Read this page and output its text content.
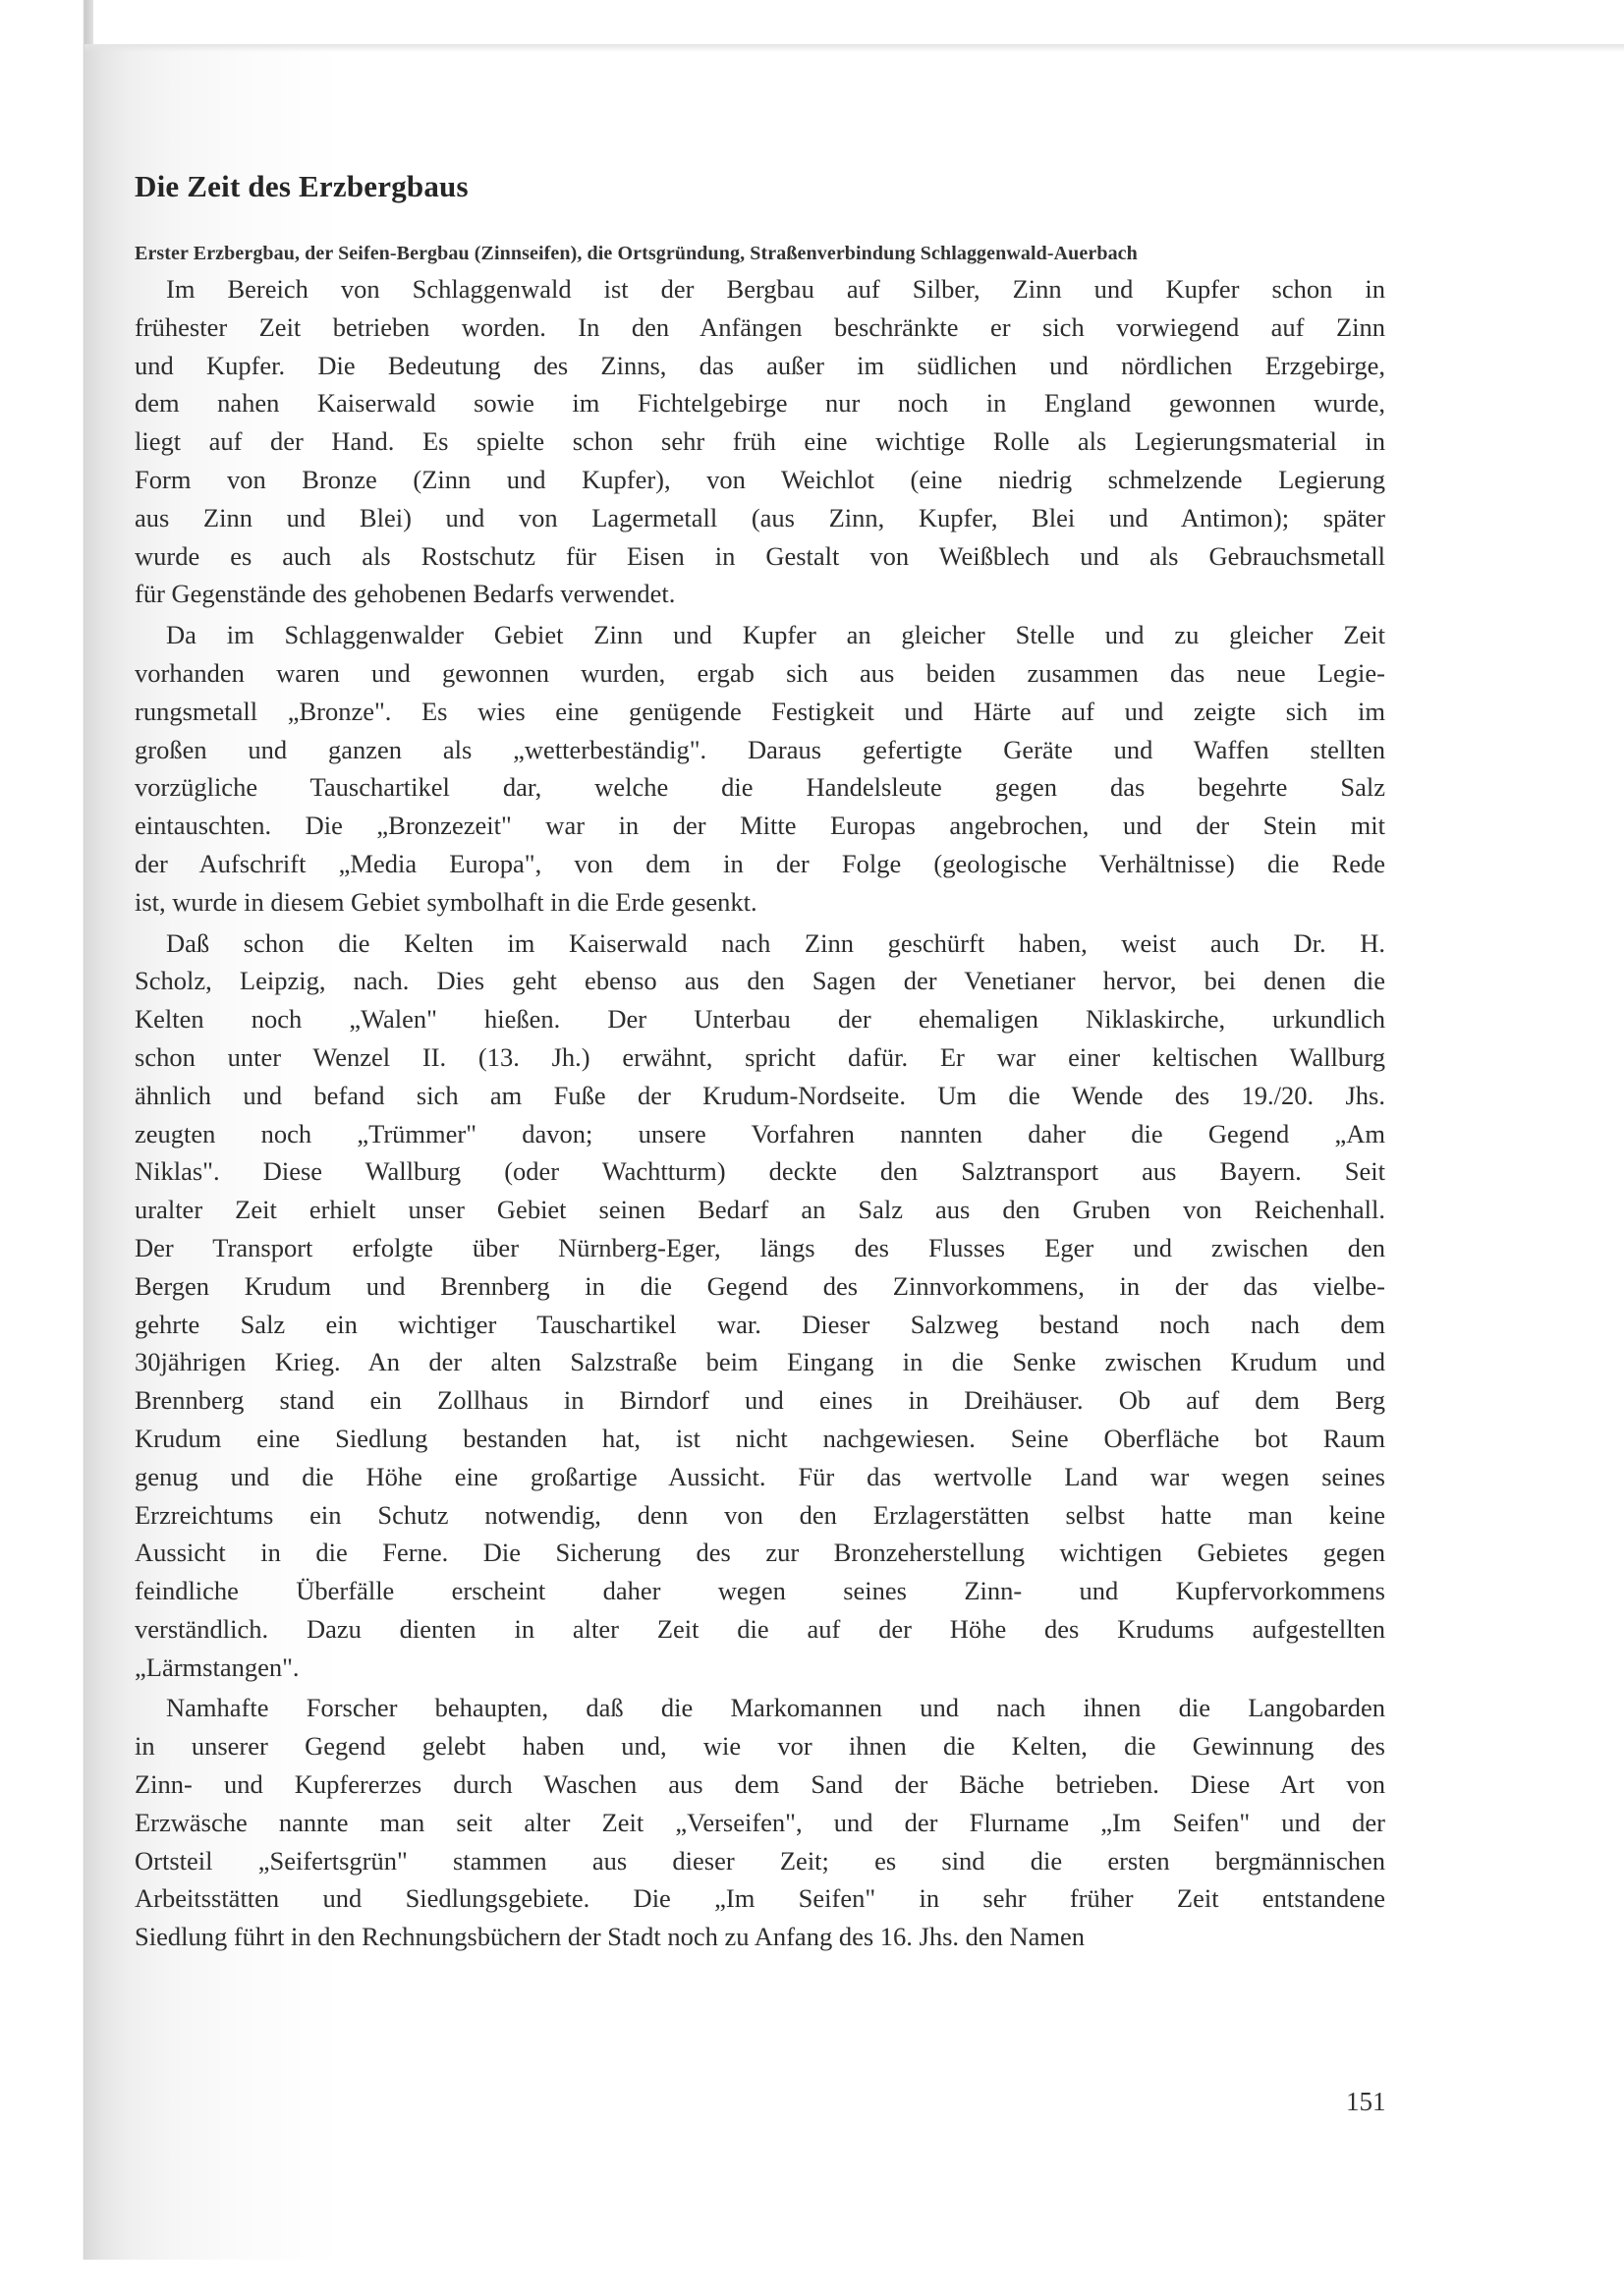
Die Zeit des Erzbergbaus
Erster Erzbergbau, der Seifen-Bergbau (Zinnseifen), die Ortsgründung, Straßenverbindung Schlaggenwald-Auerbach
Im Bereich von Schlaggenwald ist der Bergbau auf Silber, Zinn und Kupfer schon in
frühester Zeit betrieben worden. In den Anfängen beschränkte er sich vorwiegend auf Zinn
und Kupfer. Die Bedeutung des Zinns, das außer im südlichen und nördlichen Erzgebirge,
dem nahen Kaiserwald sowie im Fichtelgebirge nur noch in England gewonnen wurde,
liegt auf der Hand. Es spielte schon sehr früh eine wichtige Rolle als Legierungsmaterial in
Form von Bronze (Zinn und Kupfer), von Weichlot (eine niedrig schmelzende Legierung
aus Zinn und Blei) und von Lagermetall (aus Zinn, Kupfer, Blei und Antimon); später
wurde es auch als Rostschutz für Eisen in Gestalt von Weißblech und als Gebrauchsmetall
für Gegenstände des gehobenen Bedarfs verwendet.
Da im Schlaggenwalder Gebiet Zinn und Kupfer an gleicher Stelle und zu gleicher Zeit
vorhanden waren und gewonnen wurden, ergab sich aus beiden zusammen das neue Legie-
rungsmetall „Bronze". Es wies eine genügende Festigkeit und Härte auf und zeigte sich im
großen und ganzen als „wetterbeständig". Daraus gefertigte Geräte und Waffen stellten
vorzügliche Tauschartikel dar, welche die Handelsleute gegen das begehrte Salz
eintauschten. Die „Bronzezeit" war in der Mitte Europas angebrochen, und der Stein mit
der Aufschrift „Media Europa", von dem in der Folge (geologische Verhältnisse) die Rede
ist, wurde in diesem Gebiet symbolhaft in die Erde gesenkt.
Daß schon die Kelten im Kaiserwald nach Zinn geschürft haben, weist auch Dr. H.
Scholz, Leipzig, nach. Dies geht ebenso aus den Sagen der Venetianer hervor, bei denen die
Kelten noch „Walen" hießen. Der Unterbau der ehemaligen Niklaskirche, urkundlich
schon unter Wenzel II. (13. Jh.) erwähnt, spricht dafür. Er war einer keltischen Wallburg
ähnlich und befand sich am Fuße der Krudum-Nordseite. Um die Wende des 19./20. Jhs.
zeugten noch „Trümmer" davon; unsere Vorfahren nannten daher die Gegend „Am
Niklas". Diese Wallburg (oder Wachtturm) deckte den Salztransport aus Bayern. Seit
uralter Zeit erhielt unser Gebiet seinen Bedarf an Salz aus den Gruben von Reichenhall.
Der Transport erfolgte über Nürnberg-Eger, längs des Flusses Eger und zwischen den
Bergen Krudum und Brennberg in die Gegend des Zinnvorkommens, in der das vielbe-
gehrte Salz ein wichtiger Tauschartikel war. Dieser Salzweg bestand noch nach dem
30jährigen Krieg. An der alten Salzstraße beim Eingang in die Senke zwischen Krudum und
Brennberg stand ein Zollhaus in Birndorf und eines in Dreihäuser. Ob auf dem Berg
Krudum eine Siedlung bestanden hat, ist nicht nachgewiesen. Seine Oberfläche bot Raum
genug und die Höhe eine großartige Aussicht. Für das wertvolle Land war wegen seines
Erzreichtums ein Schutz notwendig, denn von den Erzlagerstätten selbst hatte man keine
Aussicht in die Ferne. Die Sicherung des zur Bronzeherstellung wichtigen Gebietes gegen
feindliche Überfälle erscheint daher wegen seines Zinn- und Kupfervorkommens
verständlich. Dazu dienten in alter Zeit die auf der Höhe des Krudums aufgestellten
„Lärmstangen".
Namhafte Forscher behaupten, daß die Markomannen und nach ihnen die Langobarden
in unserer Gegend gelebt haben und, wie vor ihnen die Kelten, die Gewinnung des
Zinn- und Kupfererzes durch Waschen aus dem Sand der Bäche betrieben. Diese Art von
Erzwäsche nannte man seit alter Zeit „Verseifen", und der Flurname „Im Seifen" und der
Ortsteil „Seifertsgrün" stammen aus dieser Zeit; es sind die ersten bergmännischen
Arbeitsstätten und Siedlungsgebiete. Die „Im Seifen" in sehr früher Zeit entstandene
Siedlung führt in den Rechnungsbüchern der Stadt noch zu Anfang des 16. Jhs. den Namen
151
